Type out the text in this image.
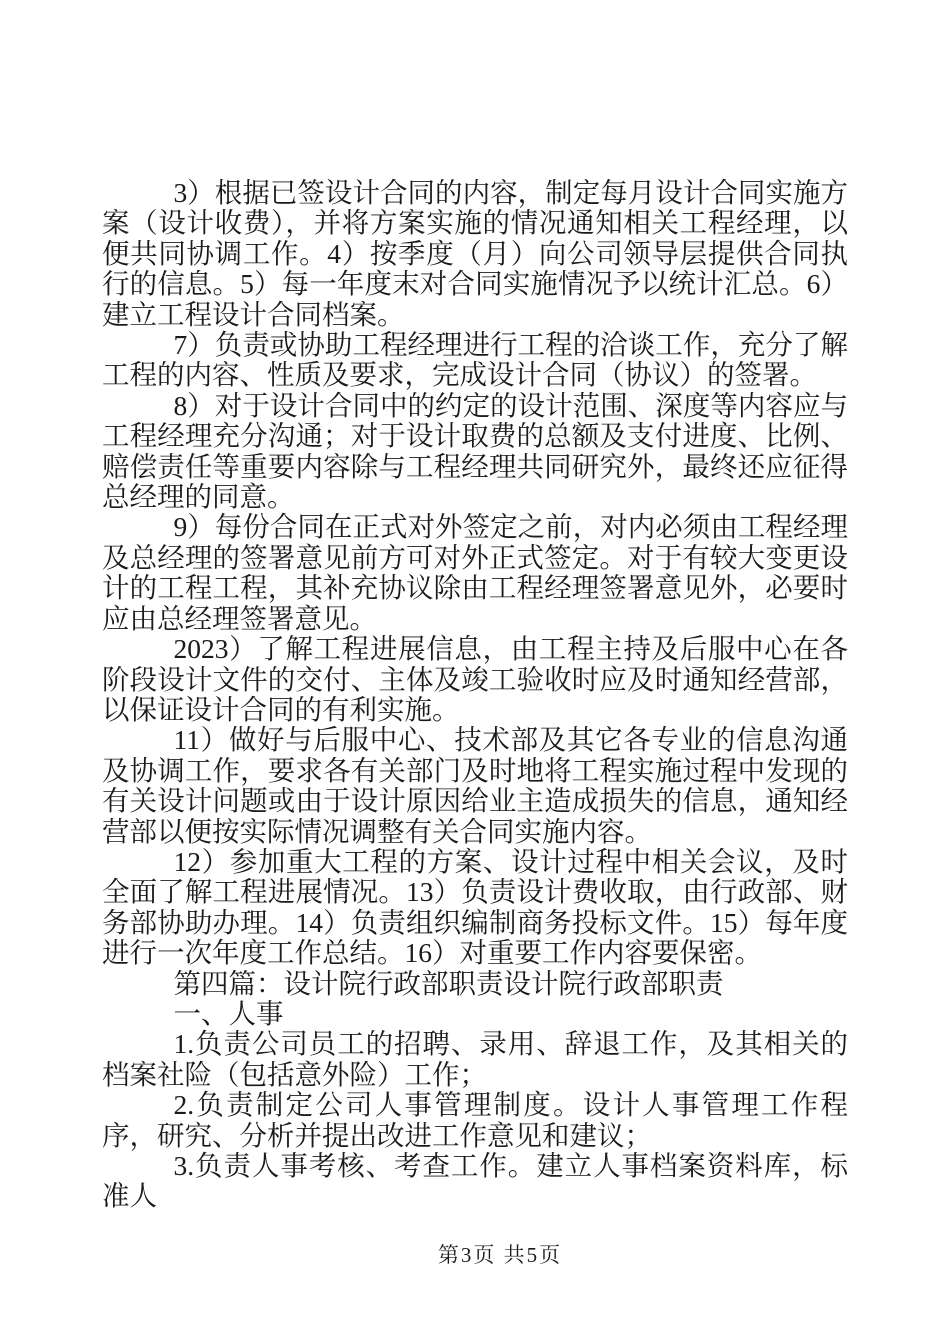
3）根据已签设计合同的内容，制定每月设计合同实施方案（设计收费），并将方案实施的情况通知相关工程经理，以便共同协调工作。4）按季度（月）向公司领导层提供合同执行的信息。5）每一年度末对合同实施情况予以统计汇总。6）建立工程设计合同档案。

7）负责或协助工程经理进行工程的洽谈工作，充分了解工程的内容、性质及要求，完成设计合同（协议）的签署。

8）对于设计合同中的约定的设计范围、深度等内容应与工程经理充分沟通；对于设计取费的总额及支付进度、比例、赔偿责任等重要内容除与工程经理共同研究外，最终还应征得总经理的同意。

9）每份合同在正式对外签定之前，对内必须由工程经理及总经理的签署意见前方可对外正式签定。对于有较大变更设计的工程工程，其补充协议除由工程经理签署意见外，必要时应由总经理签署意见。

2023）了解工程进展信息，由工程主持及后服中心在各阶段设计文件的交付、主体及竣工验收时应及时通知经营部，以保证设计合同的有利实施。

11）做好与后服中心、技术部及其它各专业的信息沟通及协调工作，要求各有关部门及时地将工程实施过程中发现的有关设计问题或由于设计原因给业主造成损失的信息，通知经营部以便按实际情况调整有关合同实施内容。

12）参加重大工程的方案、设计过程中相关会议，及时全面了解工程进展情况。13）负责设计费收取，由行政部、财务部协助办理。14）负责组织编制商务投标文件。15）每年度进行一次年度工作总结。16）对重要工作内容要保密。

第四篇：设计院行政部职责设计院行政部职责

一、人事

1.负责公司员工的招聘、录用、辞退工作，及其相关的档案社险（包括意外险）工作；

2.负责制定公司人事管理制度。设计人事管理工作程序，研究、分析并提出改进工作意见和建议；

3.负责人事考核、考查工作。建立人事档案资料库，标准人

第3页 共5页
